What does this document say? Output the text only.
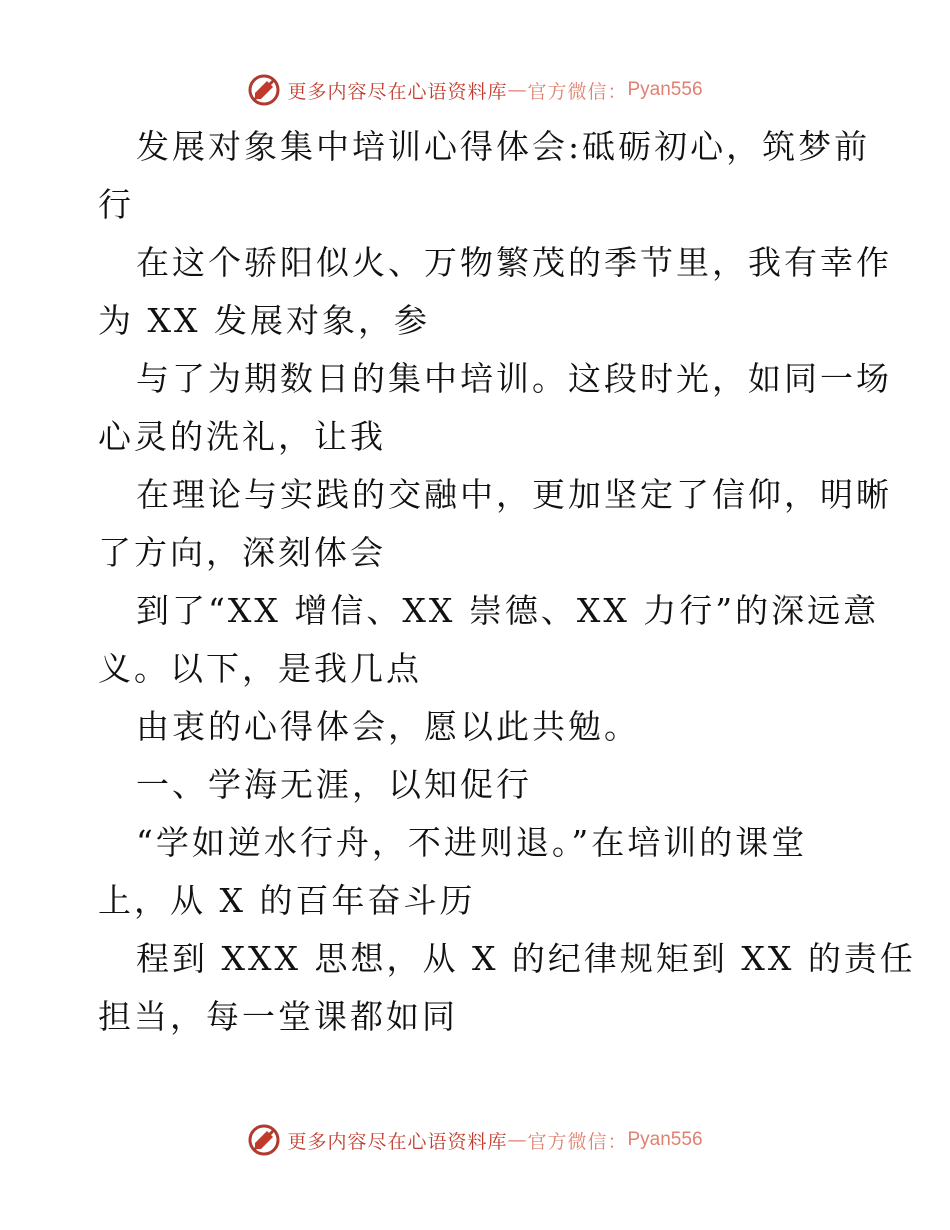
更多内容尽在心语资料库 — 官方微信： Pyan556
发展对象集中培训心得体会:砥砺初心，筑梦前
行
在这个骄阳似火、万物繁茂的季节里，我有幸作
为 XX 发展对象，参
与了为期数日的集中培训。这段时光，如同一场
心灵的洗礼，让我
在理论与实践的交融中，更加坚定了信仰，明晰
了方向，深刻体会
到了“XX 增信、XX 崇德、XX 力行”的深远意
义。以下，是我几点
由衷的心得体会，愿以此共勉。
一、学海无涯，以知促行
“学如逆水行舟，不进则退。”在培训的课堂
上，从 X 的百年奋斗历
程到 XXX 思想，从 X 的纪律规矩到 XX 的责任
担当，每一堂课都如同
更多内容尽在心语资料库 — 官方微信： Pyan556
